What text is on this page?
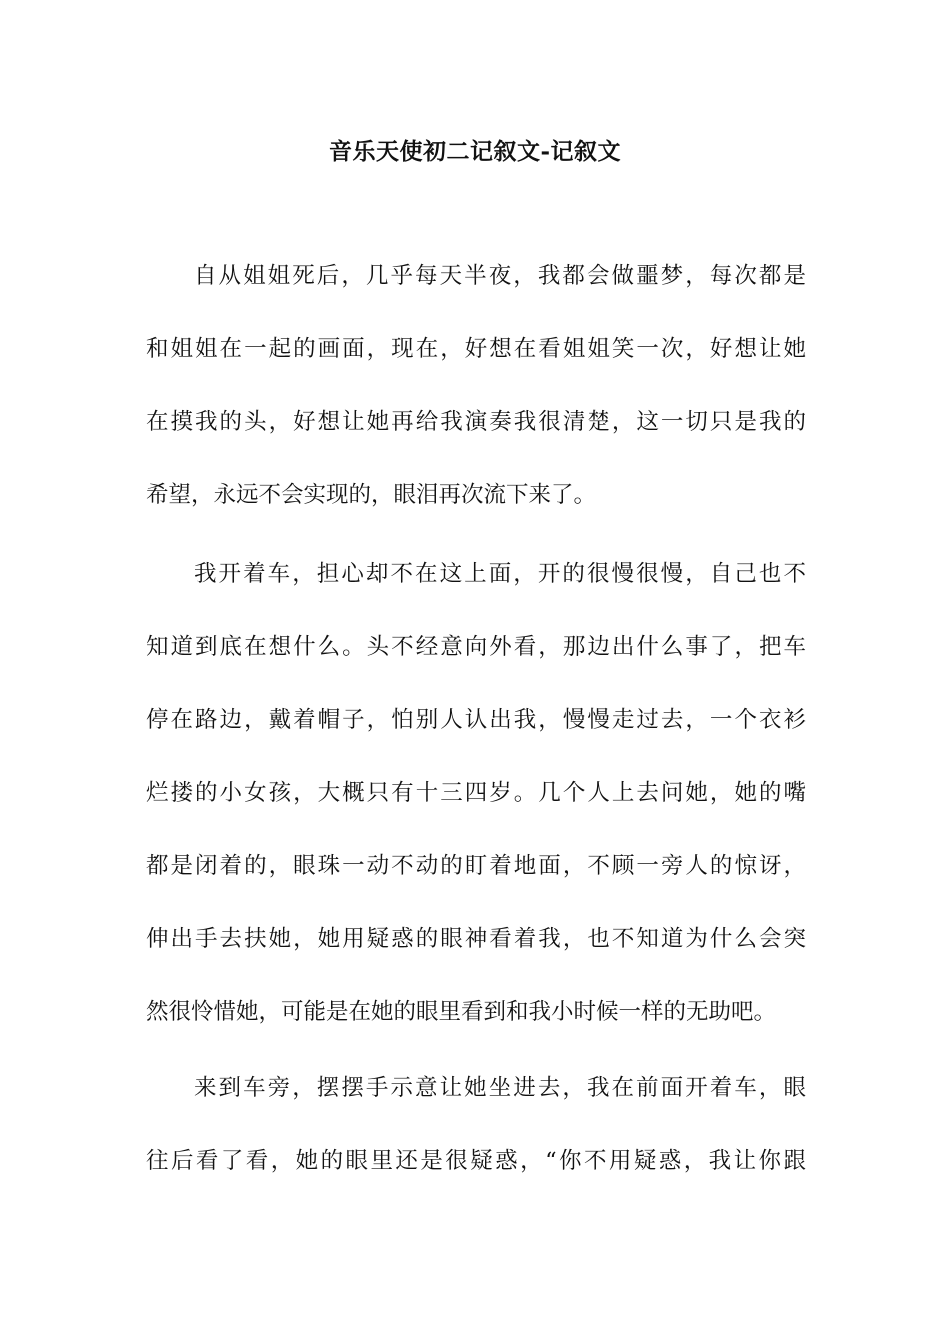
音乐天使初二记叙文-记叙文
自从姐姐死后，几乎每天半夜，我都会做噩梦，每次都是
和姐姐在一起的画面，现在，好想在看姐姐笑一次，好想让她
在摸我的头，好想让她再给我演奏我很清楚，这一切只是我的
希望，永远不会实现的，眼泪再次流下来了。
我开着车，担心却不在这上面，开的很慢很慢，自己也不
知道到底在想什么。头不经意向外看，那边出什么事了，把车
停在路边，戴着帽子，怕别人认出我，慢慢走过去，一个衣衫
烂搂的小女孩，大概只有十三四岁。几个人上去问她，她的嘴
都是闭着的，眼珠一动不动的盯着地面，不顾一旁人的惊讶，
伸出手去扶她，她用疑惑的眼神看着我，也不知道为什么会突
然很怜惜她，可能是在她的眼里看到和我小时候一样的无助吧。
来到车旁，摆摆手示意让她坐进去，我在前面开着车，眼
往后看了看，她的眼里还是很疑惑，“你不用疑惑，我让你跟
